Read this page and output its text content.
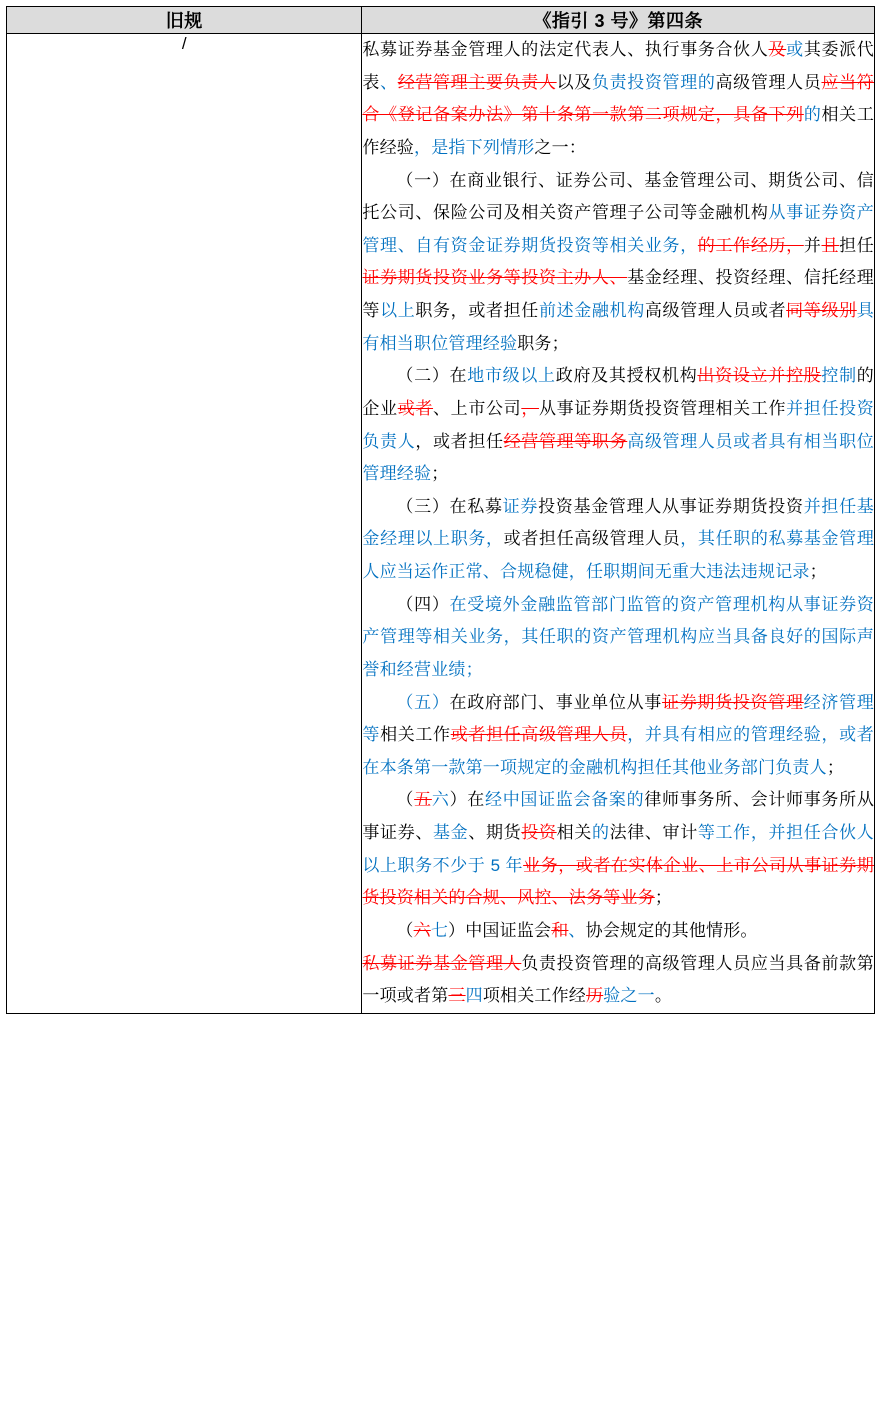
旧规	《指引 3 号》第四条
/	私募证券基金管理人的法定代表人、执行事务合伙人及或其委派代表、经营管理主要负责人以及负责投资管理的高级管理人员应当符合《登记备案办法》第十条第一款第二项规定，具备下列的相关工作经验，是指下列情形之一：
（一）在商业银行、证券公司、基金管理公司、期货公司、信托公司、保险公司及相关资产管理子公司等金融机构从事证券资产管理、自有资金证券期货投资等相关业务，的工作经历，并且担任证券期货投资业务等投资主办人、基金经理、投资经理、信托经理等以上职务，或者担任前述金融机构高级管理人员或者同等级别具有相当职位管理经验职务；
（二）在地市级以上政府及其授权机构出资设立并控股控制的企业或者、上市公司，从事证券期货投资管理相关工作并担任投资负责人，或者担任经营管理等职务高级管理人员或者具有相当职位管理经验；
（三）在私募证券投资基金管理人从事证券期货投资并担任基金经理以上职务，或者担任高级管理人员，其任职的私募基金管理人应当运作正常、合规稳健，任职期间无重大违法违规记录；
（四）在受境外金融监管部门监管的资产管理机构从事证券资产管理等相关业务，其任职的资产管理机构应当具备良好的国际声誉和经营业绩；
（五）在政府部门、事业单位从事证券期货投资管理经济管理等相关工作或者担任高级管理人员，并具有相应的管理经验，或者在本条第一款第一项规定的金融机构担任其他业务部门负责人；
（五六）在经中国证监会备案的律师事务所、会计师事务所从事证券、基金、期货投资相关的法律、审计等工作，并担任合伙人以上职务不少于 5 年业务，或者在实体企业、上市公司从事证券期货投资相关的合规、风控、法务等业务；
（六七）中国证监会和、协会规定的其他情形。
私募证券基金管理人负责投资管理的高级管理人员应当具备前款第一项或者第三四项相关工作经历验之一。
